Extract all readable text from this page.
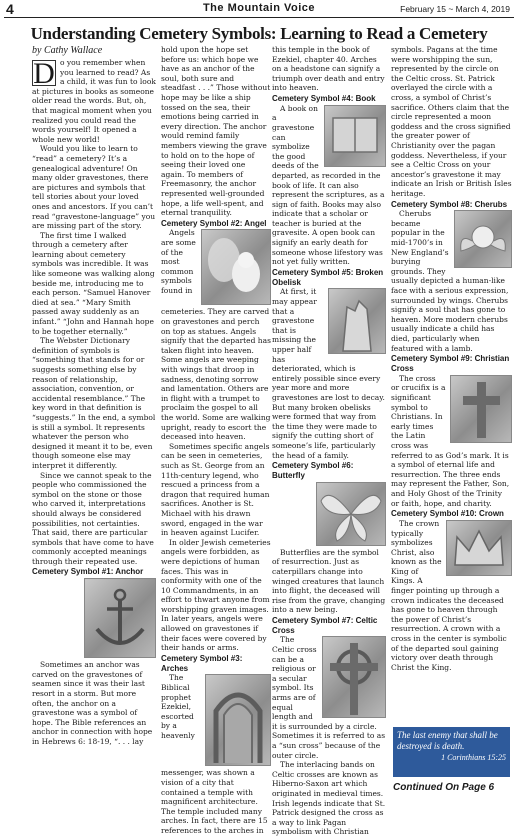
4	The Mountain Voice	February 15 ~ March 4, 2019
Understanding Cemetery Symbols: Learning to Read a Cemetery
by Cathy Wallace
D o you remember when you learned to read? As a child, it was fun to look at pictures in books as someone older read the words. But, oh, that magical moment when you realized you could read the words yourself! It opened a whole new world!

Would you like to learn to “read” a cemetery? It’s a genealogical adventure! On many older gravestones, there are pictures and symbols that tell stories about your loved ones and ancestors. If you can’t read “gravestone-language” you are missing part of the story.

The first time I walked through a cemetery after learning about cemetery symbols was incredible. It was like someone was walking along beside me, introducing me to each person. “Samuel Hanover died at sea.” “Mary Smith passed away suddenly as an infant.” “John and Hannah hope to be together eternally.”

The Webster Dictionary definition of symbols is “something that stands for or suggests something else by reason of relationship, association, convention, or accidental resemblance.” The key word in that definition is “suggests.” In the end, a symbol is still a symbol. It represents whatever the person who designed it meant it to be, even though someone else may interpret it differently.

Since we cannot speak to the people who commissioned the symbol on the stone or those who carved it, interpretations should always be considered possibilities, not certainties. That said, there are particular symbols that have come to have commonly accepted meanings through their repeated use.

Cemetery Symbol #1: Anchor

Sometimes an anchor was carved on the gravestones of seamen since it was their last resort in a storm. But more often, the anchor on a gravestone was a symbol of hope. The Bible references an anchor in connection with hope in Hebrews 6: 18-19, “. . . lay

hold upon the hope set before us: which hope we have as an anchor of the soul, both sure and steadfast . . .” Those without hope may be like a ship tossed on the sea, their emotions being carried in every direction. The anchor would remind family members viewing the grave to hold on to the hope of seeing their loved one again. To members of Freemasonry, the anchor represented well-grounded hope, a life well-spent, and eternal tranquility.

Cemetery Symbol #2: Angel

Angels are some of the most common symbols found in cemeteries. They are carved on gravestones and perch on top as statues. Angels signify that the departed has taken flight into heaven. Some angels are weeping with wings that droop in sadness, denoting sorrow and lamentation. Others are in flight with a trumpet to proclaim the gospel to all the world. Some are walking upright, ready to escort the deceased into heaven.

Sometimes specific angels can be seen in cemeteries, such as St. George from an 11th-century legend, who rescued a princess from a dragon that required human sacrifices. Another is St. Michael with his drawn sword, engaged in the war in heaven against Lucifer.

In older Jewish cemeteries angels were forbidden, as were depictions of human faces. This was in conformity with one of the 10 Commandments, in an effort to thwart anyone from worshipping graven images. In later years, angels were allowed on gravestones if their faces were covered by their hands or arms.

Cemetery Symbol #3: Arches

The Biblical prophet Ezekiel, escorted by a heavenly messenger, was shown a vision of a city that contained a temple with magnificent architecture. The temple included many arches. In fact, there are 15 references to the arches in

this temple in the book of Ezekiel, chapter 40. Arches on a headstone can signify a triumph over death and entry into heaven.

Cemetery Symbol #4: Book

A book on a gravestone can symbolize the good deeds of the departed, as recorded in the book of life. It can also represent the scriptures, as a sign of faith. Books may also indicate that a scholar or teacher is buried at the gravesite. A open book can signify an early death for someone whose lifestory was not yet fully written.

Cemetery Symbol #5: Broken Obelisk

At first, it may appear that a gravestone that is missing the upper half has deteriorated, which is entirely possible since every year more and more gravestones are lost to decay. But many broken obelisks were formed that way from the time they were made to signify the cutting short of someone’s life, particularly the head of a family.

Cemetery Symbol #6: Butterfly

Butterflies are the symbol of resurrection. Just as caterpillars change into winged creatures that launch into flight, the deceased will rise from the grave, changing into a new being.

Cemetery Symbol #7: Celtic Cross

The Celtic cross can be a religious or a secular symbol. Its arms are of equal length and it is surrounded by a circle. Sometimes it is referred to as a “sun cross” because of the outer circle.

The interlacing bands on Celtic crosses are known as Hiberno-Saxon art which originated in medieval times. Irish legends indicate that St. Patrick designed the cross as a way to link Pagan symbolism with Christian

symbols. Pagans at the time were worshipping the sun, represented by the circle on the Celtic cross. St. Patrick overlayed the circle with a cross, a symbol of Christ’s sacrifice. Others claim that the circle represented a moon goddess and the cross signified the greater power of Christianity over the pagan goddess. Nevertheless, if your see a Celtic Cross on your ancestor’s gravestone it may indicate an Irish or British Isles heritage.

Cemetery Symbol #8: Cherubs

Cherubs became popular in the mid-1700’s in New England’s burying grounds. They usually depicted a human-like face with a serious expression, surrounded by wings. Cherubs signify a soul that has gone to heaven. More modern cherubs usually indicate a child has died, particularly when featured with a lamb.

Cemetery Symbol #9: Christian Cross

The cross or crucifix is a significant symbol to Christians. In early times the Latin cross was referred to as God’s mark. It is a symbol of eternal life and resurrection. The three ends may represent the Father, Son, and Holy Ghost of the Trinity or faith, hope, and charity.

Cemetery Symbol #10: Crown

The crown typically symbolizes Christ, also known as the King of Kings. A finger pointing up through a crown indicates the deceased has gone to heaven through the power of Christ’s resurrection. A crown with a cross in the center is symbolic of the departed soul gaining victory over death through Christ the King.

The last enemy that shall be destroyed is death.
1 Corinthians 15:25
Continued On Page 6
